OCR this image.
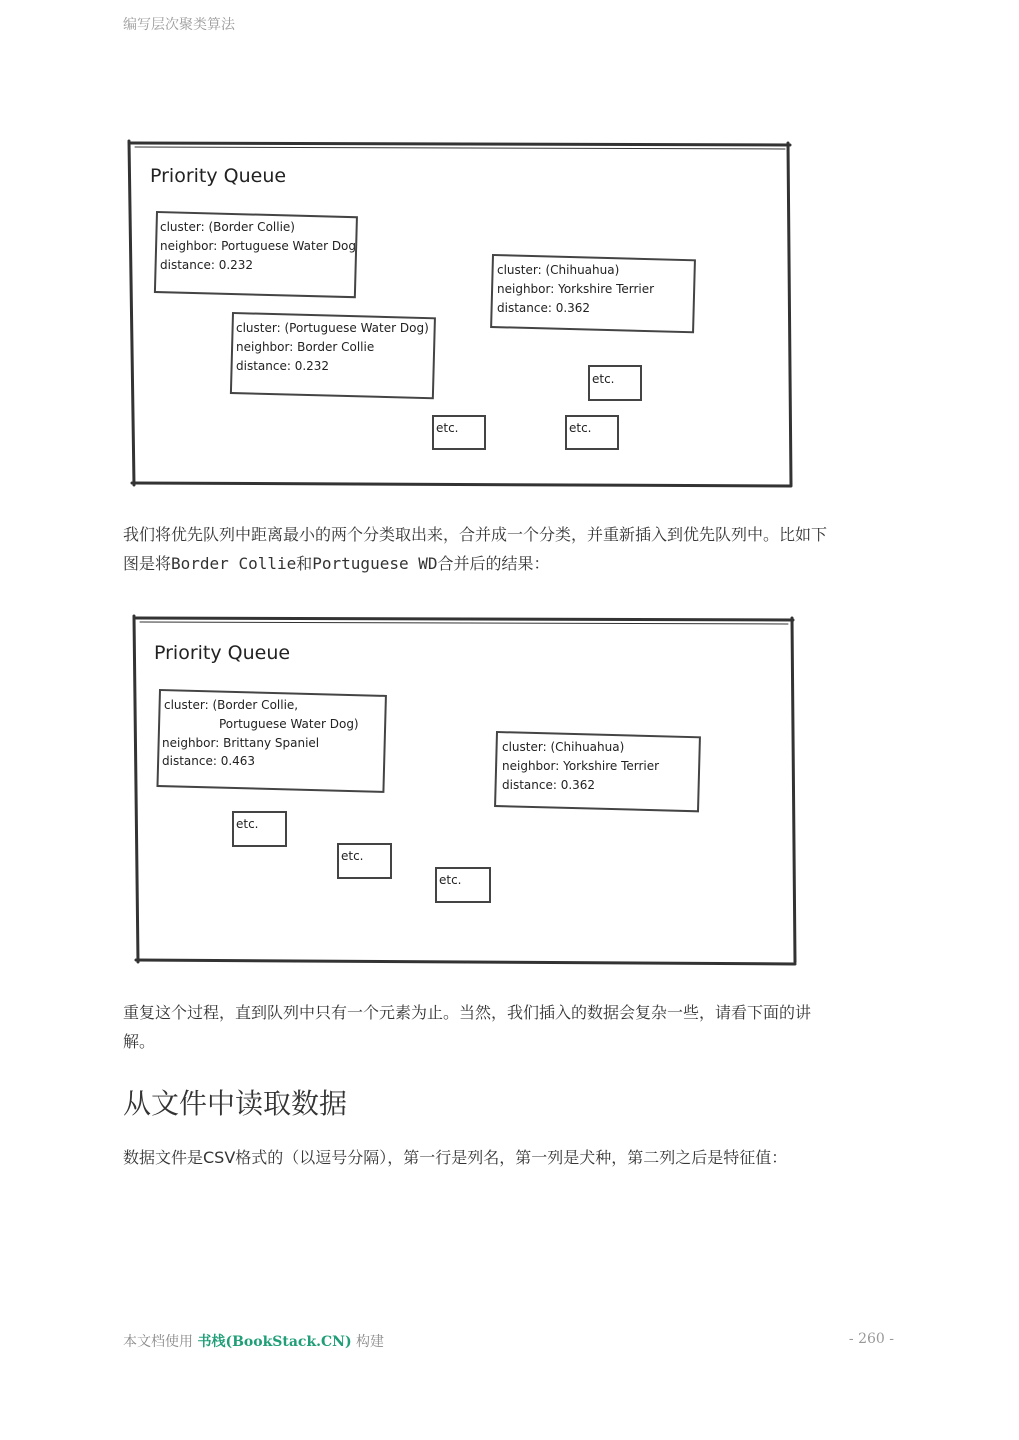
编写层次聚类算法
Priority Queue
cluster: (Border Collie)
neighbor: Portuguese Water Dog
distance: 0.232
cluster: (Portuguese Water Dog)
neighbor: Border Collie
distance: 0.232
cluster: (Chihuahua)
neighbor: Yorkshire Terrier
distance: 0.362
etc.
etc.	etc.
我们将优先队列中距离最小的两个分类取出来，合并成一个分类，并重新插入到优先队列中。比如下
图是将Border Collie和Portuguese WD合并后的结果：
Priority Queue
cluster: (Border Collie,
Portuguese Water Dog)
neighbor: Brittany Spaniel
distance: 0.463
cluster: (Chihuahua)
neighbor: Yorkshire Terrier
distance: 0.362
etc.
etc.
etc.
重复这个过程，直到队列中只有一个元素为止。当然，我们插入的数据会复杂一些，请看下面的讲
解。
从文件中读取数据
数据文件是CSV格式的（以逗号分隔），第一行是列名，第一列是犬种，第二列之后是特征值：
本文档使用 书栈(BookStack.CN) 构建	- 260 -
